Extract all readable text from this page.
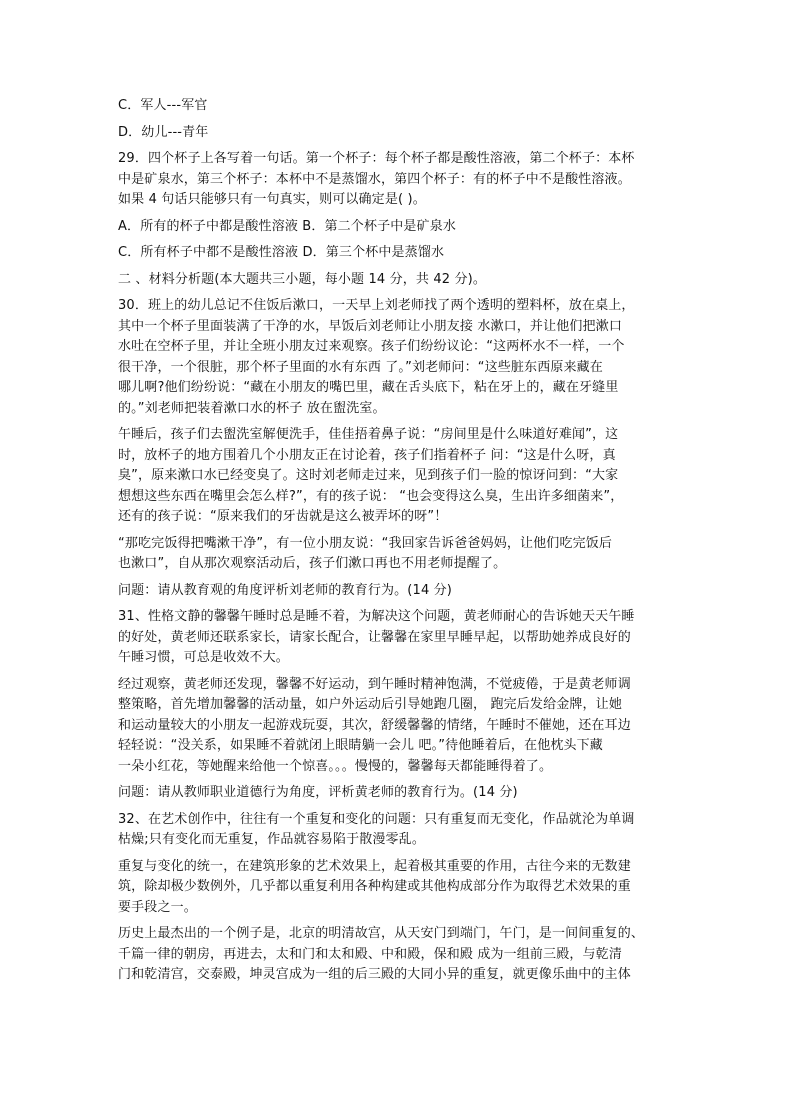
C．军人---军官

D．幼儿---青年

29．四个杯子上各写着一句话。第一个杯子：每个杯子都是酸性溶液，第二个杯子：本杯
中是矿泉水，第三个杯子：本杯中不是蒸馏水，第四个杯子：有的杯子中不是酸性溶液。
如果 4 句话只能够只有一句真实，则可以确定是( )。

A．所有的杯子中都是酸性溶液 B．第二个杯子中是矿泉水

C．所有杯子中都不是酸性溶液 D．第三个杯中是蒸馏水

二 、材料分析题(本大题共三小题，每小题 14 分，共 42 分)。

30．班上的幼儿总记不住饭后漱口，一天早上刘老师找了两个透明的塑料杯，放在桌上，
其中一个杯子里面装满了干净的水，早饭后刘老师让小朋友接 水漱口，并让他们把漱口
水吐在空杯子里，并让全班小朋友过来观察。孩子们纷纷议论：“这两杯水不一样，一个
很干净，一个很脏，那个杯子里面的水有东西 了。”刘老师问：“这些脏东西原来藏在
哪儿啊?他们纷纷说：“藏在小朋友的嘴巴里，藏在舌头底下，粘在牙上的，藏在牙缝里
的。”刘老师把装着漱口水的杯子 放在盥洗室。

午睡后，孩子们去盥洗室解便洗手，佳佳捂着鼻子说：“房间里是什么味道好难闻”，这
时，放杯子的地方围着几个小朋友正在讨论着，孩子们指着杯子 问：“这是什么呀，真
臭”，原来漱口水已经变臭了。这时刘老师走过来，见到孩子们一脸的惊讶问到：“大家
想想这些东西在嘴里会怎么样?”，有的孩子说： “也会变得这么臭，生出许多细菌来”，
还有的孩子说：“原来我们的牙齿就是这么被弄坏的呀”！

“那吃完饭得把嘴漱干净”，有一位小朋友说：“我回家告诉爸爸妈妈，让他们吃完饭后
也漱口”，自从那次观察活动后，孩子们漱口再也不用老师提醒了。

问题：请从教育观的角度评析刘老师的教育行为。(14 分)

31、性格文静的馨馨午睡时总是睡不着，为解决这个问题，黄老师耐心的告诉她天天午睡
的好处，黄老师还联系家长，请家长配合，让馨馨在家里早睡早起，以帮助她养成良好的
午睡习惯，可总是收效不大。

经过观察，黄老师还发现，馨馨不好运动，到午睡时精神饱满，不觉疲倦，于是黄老师调
整策略，首先增加馨馨的活动量，如户外运动后引导她跑几圈， 跑完后发给金牌，让她
和运动量较大的小朋友一起游戏玩耍，其次，舒缓馨馨的情绪，午睡时不催她，还在耳边
轻轻说：“没关系，如果睡不着就闭上眼睛躺一会儿 吧。”待他睡着后，在他枕头下藏
一朵小红花，等她醒来给他一个惊喜。。。慢慢的，馨馨每天都能睡得着了。

问题：请从教师职业道德行为角度，评析黄老师的教育行为。(14 分)

32、在艺术创作中，往往有一个重复和变化的问题：只有重复而无变化，作品就沦为单调
枯燥;只有变化而无重复，作品就容易陷于散漫零乱。

重复与变化的统一，在建筑形象的艺术效果上，起着极其重要的作用，古往今来的无数建
筑，除却极少数例外，几乎都以重复利用各种构建或其他构成部分作为取得艺术效果的重
要手段之一。

历史上最杰出的一个例子是，北京的明清故宫，从天安门到端门，午门，是一间间重复的、
千篇一律的朝房，再进去，太和门和太和殿、中和殿，保和殿 成为一组前三殿，与乾清
门和乾清宫，交泰殿，坤灵宫成为一组的后三殿的大同小异的重复，就更像乐曲中的主体
